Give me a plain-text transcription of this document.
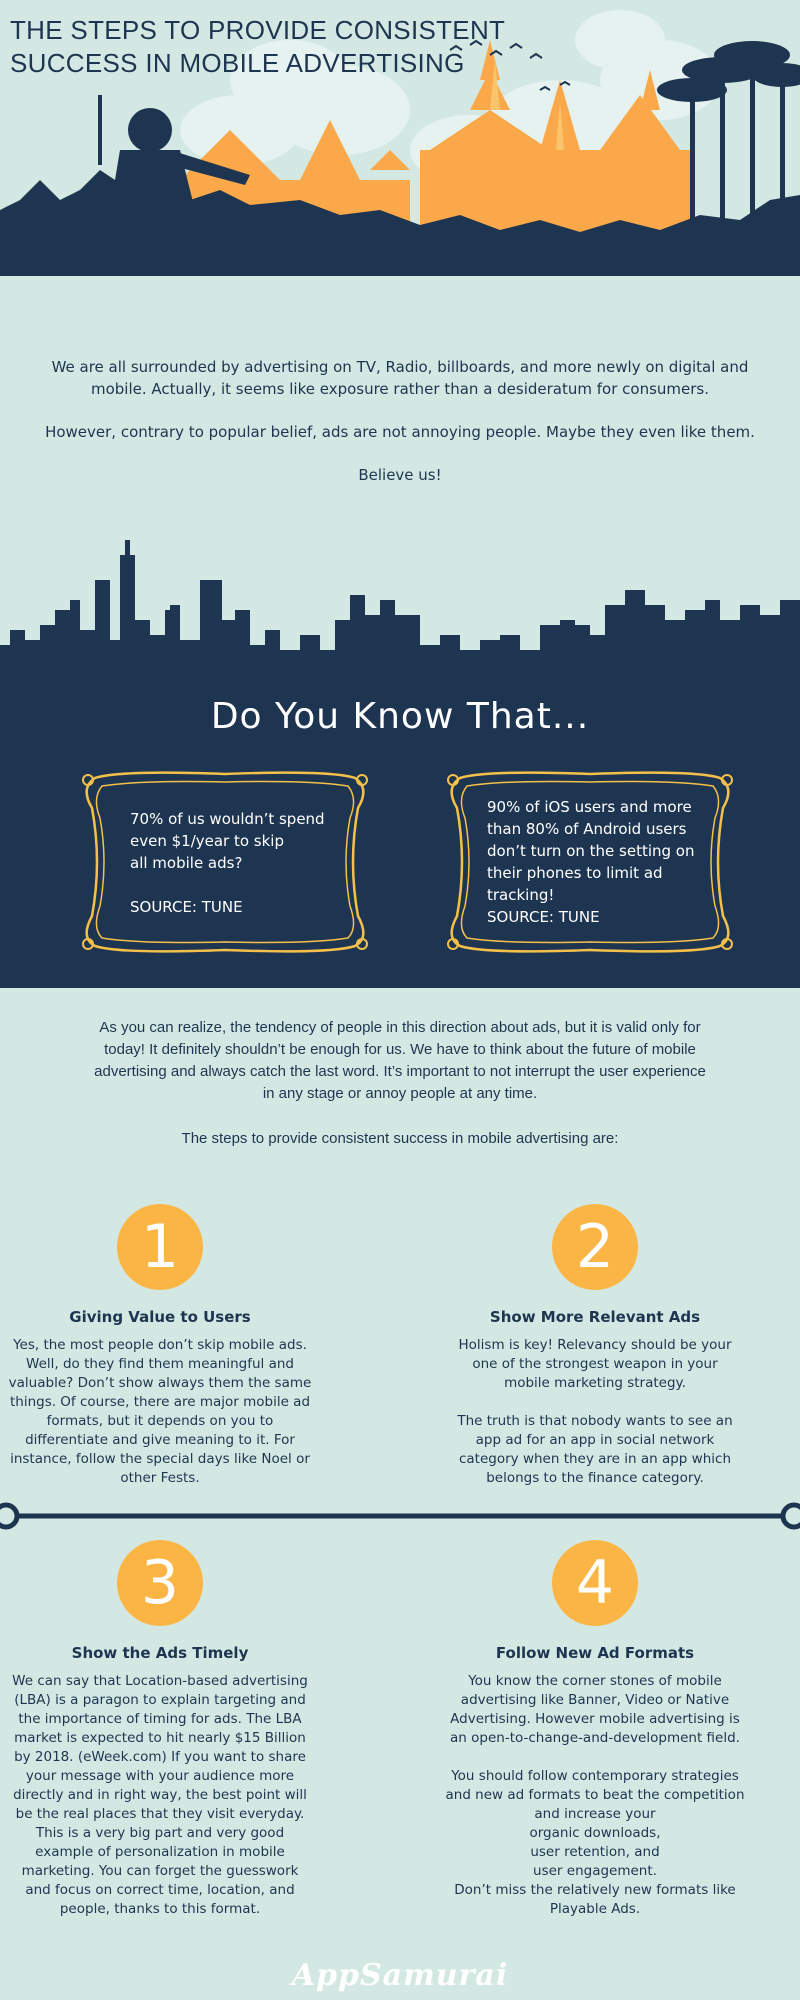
THE STEPS TO PROVIDE CONSISTENT SUCCESS IN MOBILE ADVERTISING

We are all surrounded by advertising on TV, Radio, billboards, and more newly on digital and mobile. Actually, it seems like exposure rather than a desideratum for consumers.

However, contrary to popular belief, ads are not annoying people. Maybe they even like them.

Believe us!

Do You Know That...
70% of us wouldn’t spend
even $1/year to skip
all mobile ads?

SOURCE: TUNE
90% of iOS users and more than 80% of Android users don’t turn on the setting on their phones to limit ad tracking!
SOURCE: TUNE
As you can realize, the tendency of people in this direction about ads, but it is valid only for today! It definitely shouldn’t be enough for us. We have to think about the future of mobile advertising and always catch the last word. It’s important to not interrupt the user experience in any stage or annoy people at any time.
The steps to provide consistent success in mobile advertising are:
1
Giving Value to Users
Yes, the most people don’t skip mobile ads. Well, do they find them meaningful and valuable? Don’t show always them the same things. Of course, there are major mobile ad formats, but it depends on you to differentiate and give meaning to it. For instance, follow the special days like Noel or other Fests.
2
Show More Relevant Ads
Holism is key! Relevancy should be your one of the strongest weapon in your mobile marketing strategy.

The truth is that nobody wants to see an app ad for an app in social network category when they are in an app which belongs to the finance category.
3
Show the Ads Timely
We can say that Location-based advertising (LBA) is a paragon to explain targeting and the importance of timing for ads. The LBA market is expected to hit nearly $15 Billion by 2018. (eWeek.com) If you want to share your message with your audience more directly and in right way, the best point will be the real places that they visit everyday. This is a very big part and very good example of personalization in mobile marketing. You can forget the guesswork and focus on correct time, location, and people, thanks to this format.
4
Follow New Ad Formats
You know the corner stones of mobile advertising like Banner, Video or Native Advertising. However mobile advertising is an open-to-change-and-development field.

You should follow contemporary strategies and new ad formats to beat the competition and increase your
organic downloads,
user retention, and
user engagement.
Don’t miss the relatively new formats like Playable Ads.
AppSamurai
